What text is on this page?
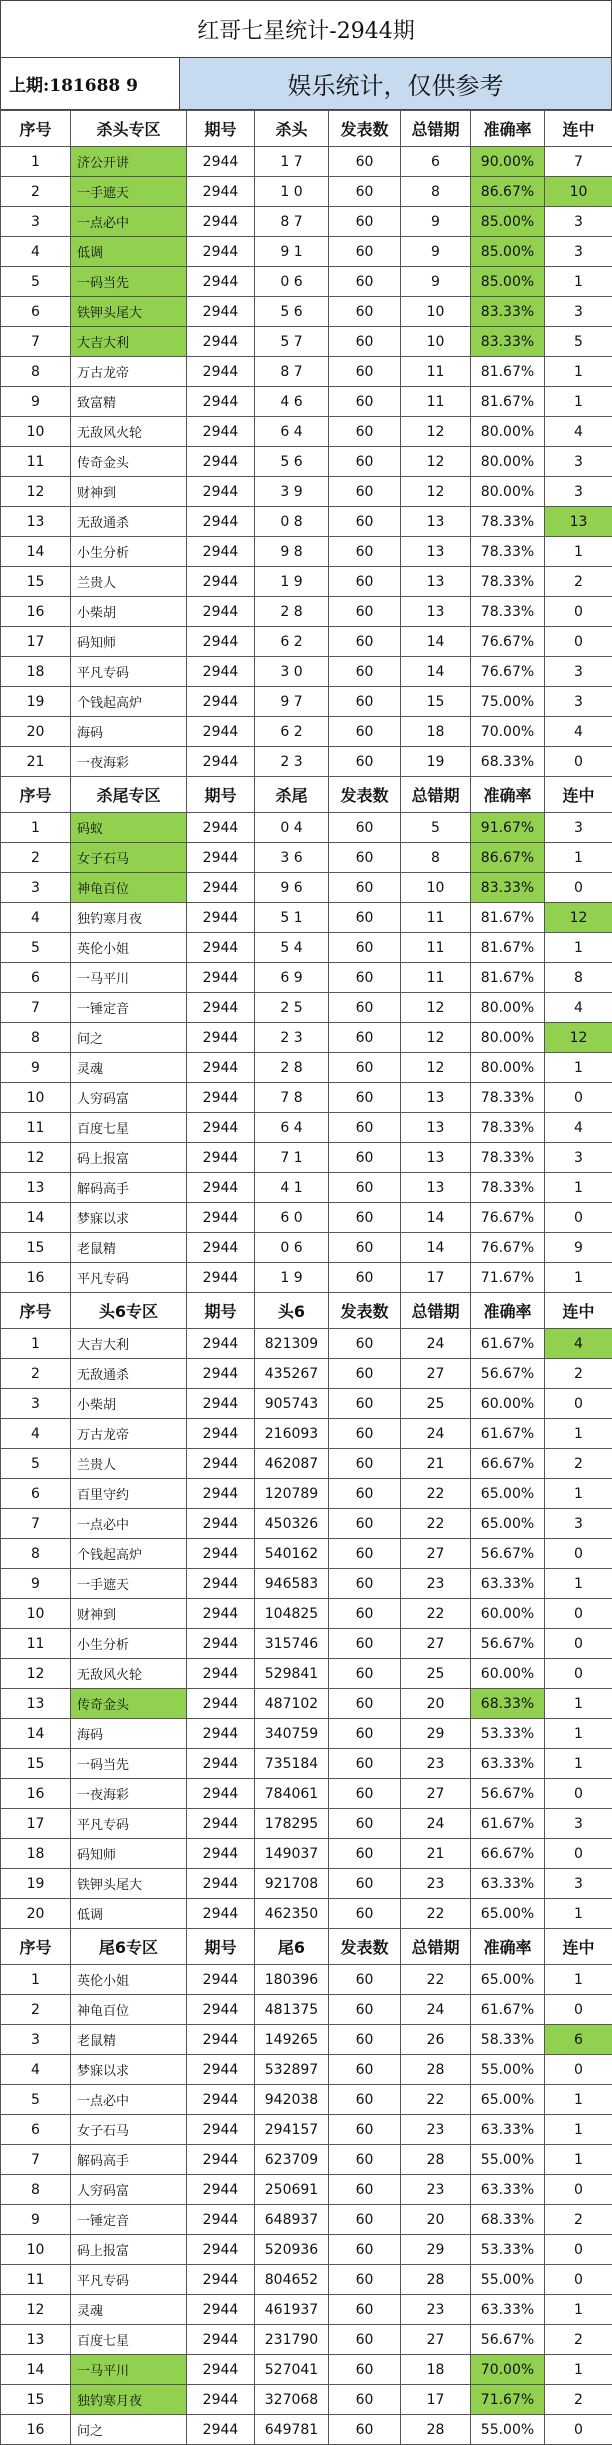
红哥七星统计-2944期
上期:181688 9	娱乐统计，仅供参考
序号	杀头专区	期号	杀头	发表数	总错期	准确率	连中
1	济公开讲	2944	1 7	60	6	90.00%	7
2	一手遮天	2944	1 0	60	8	86.67%	10
3	一点必中	2944	8 7	60	9	85.00%	3
4	低调	2944	9 1	60	9	85.00%	3
5	一码当先	2944	0 6	60	9	85.00%	1
6	铁钾头尾大	2944	5 6	60	10	83.33%	3
7	大吉大利	2944	5 7	60	10	83.33%	5
8	万古龙帝	2944	8 7	60	11	81.67%	1
9	致富精	2944	4 6	60	11	81.67%	1
10	无敌风火轮	2944	6 4	60	12	80.00%	4
11	传奇金头	2944	5 6	60	12	80.00%	3
12	财神到	2944	3 9	60	12	80.00%	3
13	无敌通杀	2944	0 8	60	13	78.33%	13
14	小生分析	2944	9 8	60	13	78.33%	1
15	兰贵人	2944	1 9	60	13	78.33%	2
16	小柴胡	2944	2 8	60	13	78.33%	0
17	码知师	2944	6 2	60	14	76.67%	0
18	平凡专码	2944	3 0	60	14	76.67%	3
19	个钱起高炉	2944	9 7	60	15	75.00%	3
20	海码	2944	6 2	60	18	70.00%	4
21	一夜海彩	2944	2 3	60	19	68.33%	0
序号	杀尾专区	期号	杀尾	发表数	总错期	准确率	连中
1	码蚁	2944	0 4	60	5	91.67%	3
2	女子石马	2944	3 6	60	8	86.67%	1
3	神龟百位	2944	9 6	60	10	83.33%	0
4	独钓寒月夜	2944	5 1	60	11	81.67%	12
5	英伦小姐	2944	5 4	60	11	81.67%	1
6	一马平川	2944	6 9	60	11	81.67%	8
7	一锤定音	2944	2 5	60	12	80.00%	4
8	问之	2944	2 3	60	12	80.00%	12
9	灵魂	2944	2 8	60	12	80.00%	1
10	人穷码富	2944	7 8	60	13	78.33%	0
11	百度七星	2944	6 4	60	13	78.33%	4
12	码上报富	2944	7 1	60	13	78.33%	3
13	解码高手	2944	4 1	60	13	78.33%	1
14	梦寐以求	2944	6 0	60	14	76.67%	0
15	老鼠精	2944	0 6	60	14	76.67%	9
16	平凡专码	2944	1 9	60	17	71.67%	1
序号	头6专区	期号	头6	发表数	总错期	准确率	连中
1	大吉大利	2944	821309	60	24	61.67%	4
2	无敌通杀	2944	435267	60	27	56.67%	2
3	小柴胡	2944	905743	60	25	60.00%	0
4	万古龙帝	2944	216093	60	24	61.67%	1
5	兰贵人	2944	462087	60	21	66.67%	2
6	百里守约	2944	120789	60	22	65.00%	1
7	一点必中	2944	450326	60	22	65.00%	3
8	个钱起高炉	2944	540162	60	27	56.67%	0
9	一手遮天	2944	946583	60	23	63.33%	1
10	财神到	2944	104825	60	22	60.00%	0
11	小生分析	2944	315746	60	27	56.67%	0
12	无敌风火轮	2944	529841	60	25	60.00%	0
13	传奇金头	2944	487102	60	20	68.33%	1
14	海码	2944	340759	60	29	53.33%	1
15	一码当先	2944	735184	60	23	63.33%	1
16	一夜海彩	2944	784061	60	27	56.67%	0
17	平凡专码	2944	178295	60	24	61.67%	3
18	码知师	2944	149037	60	21	66.67%	0
19	铁钾头尾大	2944	921708	60	23	63.33%	3
20	低调	2944	462350	60	22	65.00%	1
序号	尾6专区	期号	尾6	发表数	总错期	准确率	连中
1	英伦小姐	2944	180396	60	22	65.00%	1
2	神龟百位	2944	481375	60	24	61.67%	0
3	老鼠精	2944	149265	60	26	58.33%	6
4	梦寐以求	2944	532897	60	28	55.00%	0
5	一点必中	2944	942038	60	22	65.00%	1
6	女子石马	2944	294157	60	23	63.33%	1
7	解码高手	2944	623709	60	28	55.00%	1
8	人穷码富	2944	250691	60	23	63.33%	0
9	一锤定音	2944	648937	60	20	68.33%	2
10	码上报富	2944	520936	60	29	53.33%	0
11	平凡专码	2944	804652	60	28	55.00%	0
12	灵魂	2944	461937	60	23	63.33%	1
13	百度七星	2944	231790	60	27	56.67%	2
14	一马平川	2944	527041	60	18	70.00%	1
15	独钓寒月夜	2944	327068	60	17	71.67%	2
16	问之	2944	649781	60	28	55.00%	0
